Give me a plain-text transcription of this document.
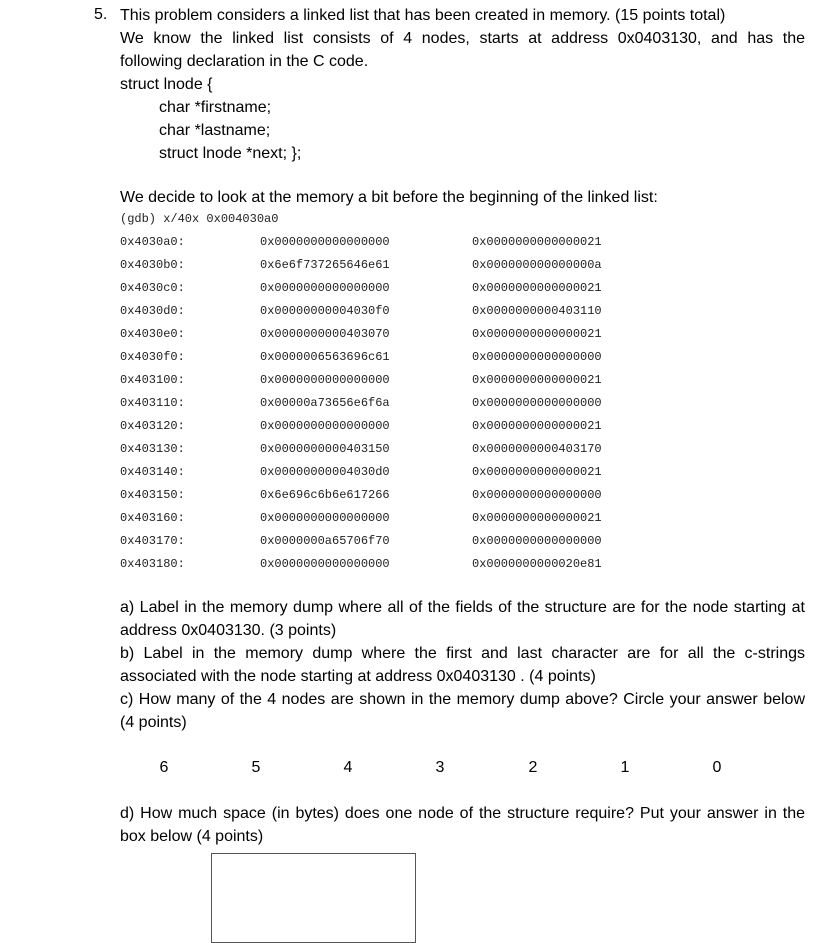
5. This problem considers a linked list that has been created in memory. (15 points total)
We know the linked list consists of 4 nodes, starts at address 0x0403130, and has the
following declaration in the C code.
struct lnode {
char *firstname;
char *lastname;
struct lnode *next; };
We decide to look at the memory a bit before the beginning of the linked list:
(gdb) x/40x 0x004030a0
0x4030a0:	0x0000000000000000	0x0000000000000021
0x4030b0:	0x6e6f737265646e61	0x000000000000000a
0x4030c0:	0x0000000000000000	0x0000000000000021
0x4030d0:	0x00000000004030f0	0x0000000000403110
0x4030e0:	0x0000000000403070	0x0000000000000021
0x4030f0:	0x0000006563696c61	0x0000000000000000
0x403100:	0x0000000000000000	0x0000000000000021
0x403110:	0x00000a73656e6f6a	0x0000000000000000
0x403120:	0x0000000000000000	0x0000000000000021
0x403130:	0x0000000000403150	0x0000000000403170
0x403140:	0x00000000004030d0	0x0000000000000021
0x403150:	0x6e696c6b6e617266	0x0000000000000000
0x403160:	0x0000000000000000	0x0000000000000021
0x403170:	0x0000000a65706f70	0x0000000000000000
0x403180:	0x0000000000000000	0x0000000000020e81

a) Label in the memory dump where all of the fields of the structure are for the node starting at address 0x0403130. (3 points)

b) Label in the memory dump where the first and last character are for all the c-strings associated with the node starting at address 0x0403130 . (4 points)

c) How many of the 4 nodes are shown in the memory dump above? Circle your answer below (4 points)

6	5	4	3	2	1	0

d) How much space (in bytes) does one node of the structure require? Put your answer in the box below (4 points)
